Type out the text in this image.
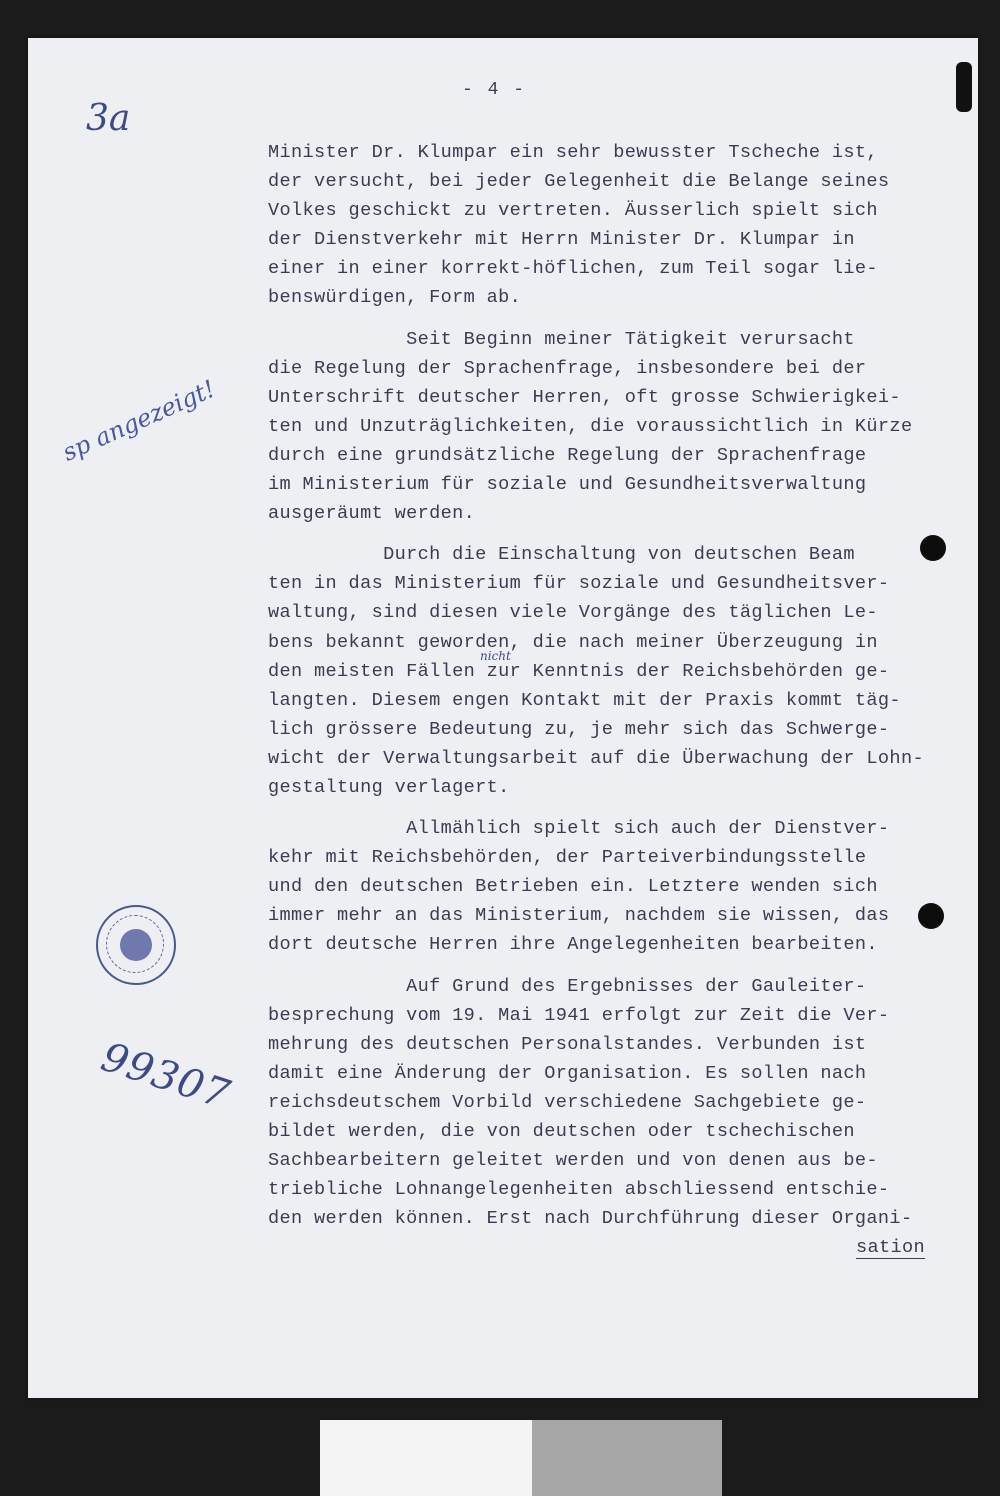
- 4 -
3a
sp angezeigt!
nicht
Minister Dr. Klumpar ein sehr bewusster Tscheche ist,
der versucht, bei jeder Gelegenheit die Belange seines
Volkes geschickt zu vertreten. Äusserlich spielt sich
der Dienstverkehr mit Herrn Minister Dr. Klumpar in
einer in einer korrekt-höflichen, zum Teil sogar lie-
benswürdigen, Form ab.
Seit Beginn meiner Tätigkeit verursacht
die Regelung der Sprachenfrage, insbesondere bei der
Unterschrift deutscher Herren, oft grosse Schwierigkei-
ten und Unzuträglichkeiten, die voraussichtlich in Kürze
durch eine grundsätzliche Regelung der Sprachenfrage
im Ministerium für soziale und Gesundheitsverwaltung
ausgeräumt werden.
Durch die Einschaltung von deutschen Beam
ten in das Ministerium für soziale und Gesundheitsver-
waltung, sind diesen viele Vorgänge des täglichen Le-
bens bekannt geworden, die nach meiner Überzeugung in
den meisten Fällen zur Kenntnis der Reichsbehörden ge-
langten. Diesem engen Kontakt mit der Praxis kommt täg-
lich grössere Bedeutung zu, je mehr sich das Schwerge-
wicht der Verwaltungsarbeit auf die Überwachung der Lohn-
gestaltung verlagert.
Allmählich spielt sich auch der Dienstver-
kehr mit Reichsbehörden, der Parteiverbindungsstelle
und den deutschen Betrieben ein. Letztere wenden sich
immer mehr an das Ministerium, nachdem sie wissen, das
dort deutsche Herren ihre Angelegenheiten bearbeiten.
Auf Grund des Ergebnisses der Gauleiter-
besprechung vom 19. Mai 1941 erfolgt zur Zeit die Ver-
mehrung des deutschen Personalstandes. Verbunden ist
damit eine Änderung der Organisation. Es sollen nach
reichsdeutschem Vorbild verschiedene Sachgebiete ge-
bildet werden, die von deutschen oder tschechischen
Sachbearbeitern geleitet werden und von denen aus be-
triebliche Lohnangelegenheiten abschliessend entschie-
den werden können. Erst nach Durchführung dieser Organi-
sation
99307
